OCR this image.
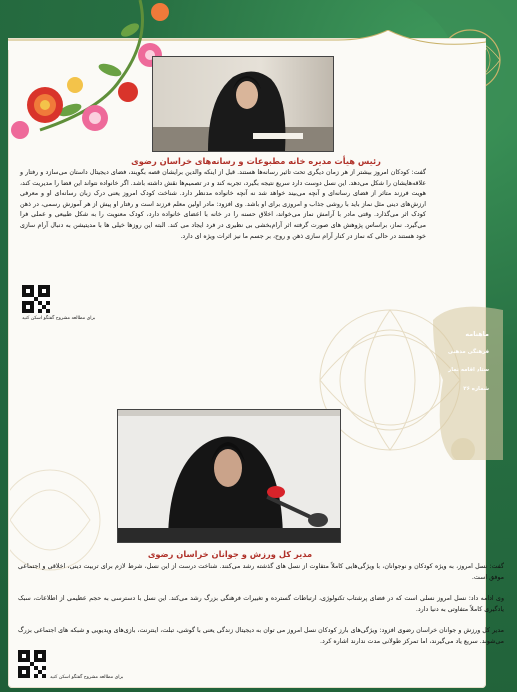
رئیس هیأت مدیره خانه مطبوعات و رسانه‌های خراسان رضوی
گفت: کودکان امروز بیشتر از هر زمان دیگری تحت تاثیر رسانه‌ها هستند. قبل از اینکه والدین برایشان قصه بگویند، فضای دیجیتال داستان می‌سازد و رفتار و علاقه‌هایشان را شکل می‌دهد. این نسل دوست دارد سریع نتیجه بگیرد، تجربه کند و در تصمیم‌ها نقش داشته باشد. اگر خانواده نتواند این فضا را مدیریت کند، هویت فرزند متاثر از فضای رسانه‌ای و آنچه می‌بیند خواهد شد نه آنچه خانواده مدنظر دارد. شناخت کودک امروز یعنی درک زبان رسانه‌ای او و معرفی ارزش‌های دینی مثل نماز باید با روشی جذاب و امروزی برای او باشد. وی افزود: مادر اولین معلم فرزند است و رفتار او پیش از هر آموزش رسمی، در ذهن کودک اثر می‌گذارد. وقتی مادر با آرامش نماز می‌خواند، اخلاق حسنه را در خانه با اعضای خانواده دارد، کودک معنویت را به شکل طبیعی و عملی فرا می‌گیرد. نماز، براساس پژوهش های صورت گرفته اثر آرام‌بخشی بی نظیری در فرد ایجاد می کند. البته این روزها خیلی ها با مدیتیشن به دنبال آرام سازی خود هستند در حالی که نماز در کنار آرام سازی ذهن و روح، بر جسم ما نیز اثرات ویژه ای دارد.
برای مطالعه مشروح گفتگو اسکن کنید
ماهنامه
فرهنگی مذهبی
ستاد اقامه نماز
شماره ۲۶
مدیر کل ورزش و جوانان خراسان رضوی
گفت: نسل امروز، به ویژه کودکان و نوجوانان، با ویژگی‌هایی کاملاً متفاوت از نسل های گذشته رشد می‌کنند. شناخت درست از این نسل، شرط لازم برای تربیت دینی، اخلاقی و اجتماعی موفق است.
وی ادامه داد: نسل امروز نسلی است که در فضای پرشتاب تکنولوژی، ارتباطات گسترده و تغییرات فرهنگی بزرگ رشد می‌کند. این نسل با دسترسی به حجم عظیمی از اطلاعات، سبک یادگیری کاملاً متفاوتی به دنیا دارد.
مدیر کل ورزش و جوانان خراسان رضوی افزود: ویژگی‌های بارز کودکان نسل امروز می توان به دیجیتال زندگی یعنی با گوشی، تبلت، اینترنت، بازی‌های ویدیویی و شبکه های اجتماعی بزرگ می‌شوند. سریع یاد می‌گیرند، اما تمرکز طولانی مدت ندارند اشاره کرد.
برای مطالعه مشروح گفتگو اسکن کنید
